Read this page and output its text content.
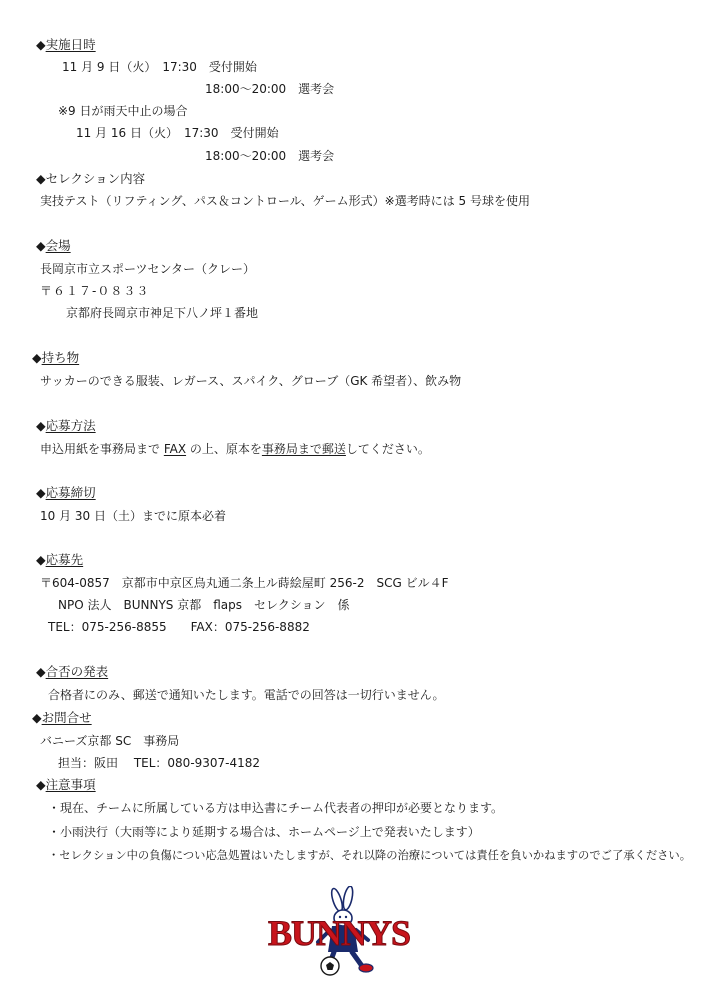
◆実施日時
11 月 9 日（火）　17:30　受付開始
18:00～20:00　選考会
※9 日が雨天中止の場合
11 月 16 日（火）　17:30　受付開始
18:00～20:00　選考会
◆セレクション内容
実技テスト（リフティング、パス＆コントロール、ゲーム形式）※選考時には 5 号球を使用
◆会場
長岡京市立スポーツセンター（クレー）
〒６１７-０８３３
京都府長岡京市神足下八ノ坪１番地
◆持ち物
サッカーのできる服装、レガース、スパイク、グローブ（GK 希望者）、飲み物
◆応募方法
申込用紙を事務局まで FAX の上、原本を事務局まで郵送してください。
◆応募締切
10 月 30 日（土）までに原本必着
◆応募先
〒604-0857　京都市中京区烏丸通二条上ル蒔絵屋町 256-2　SCG ビル４F
NPO 法人　BUNNYS 京都　flaps　セレクション　係
TEL：075-256-8855　　FAX：075-256-8882
◆合否の発表
合格者にのみ、郵送で通知いたします。電話での回答は一切行いません。
◆お問合せ
バニーズ京都 SC　事務局
担当：阪田　 TEL：080-9307-4182
◆注意事項
・現在、チームに所属している方は申込書にチーム代表者の押印が必要となります。
・小雨決行（大雨等により延期する場合は、ホームページ上で発表いたします）
・セレクション中の負傷につい応急処置はいたしますが、それ以降の治療については責任を負いかねますのでご了承ください。
BUNNYS
